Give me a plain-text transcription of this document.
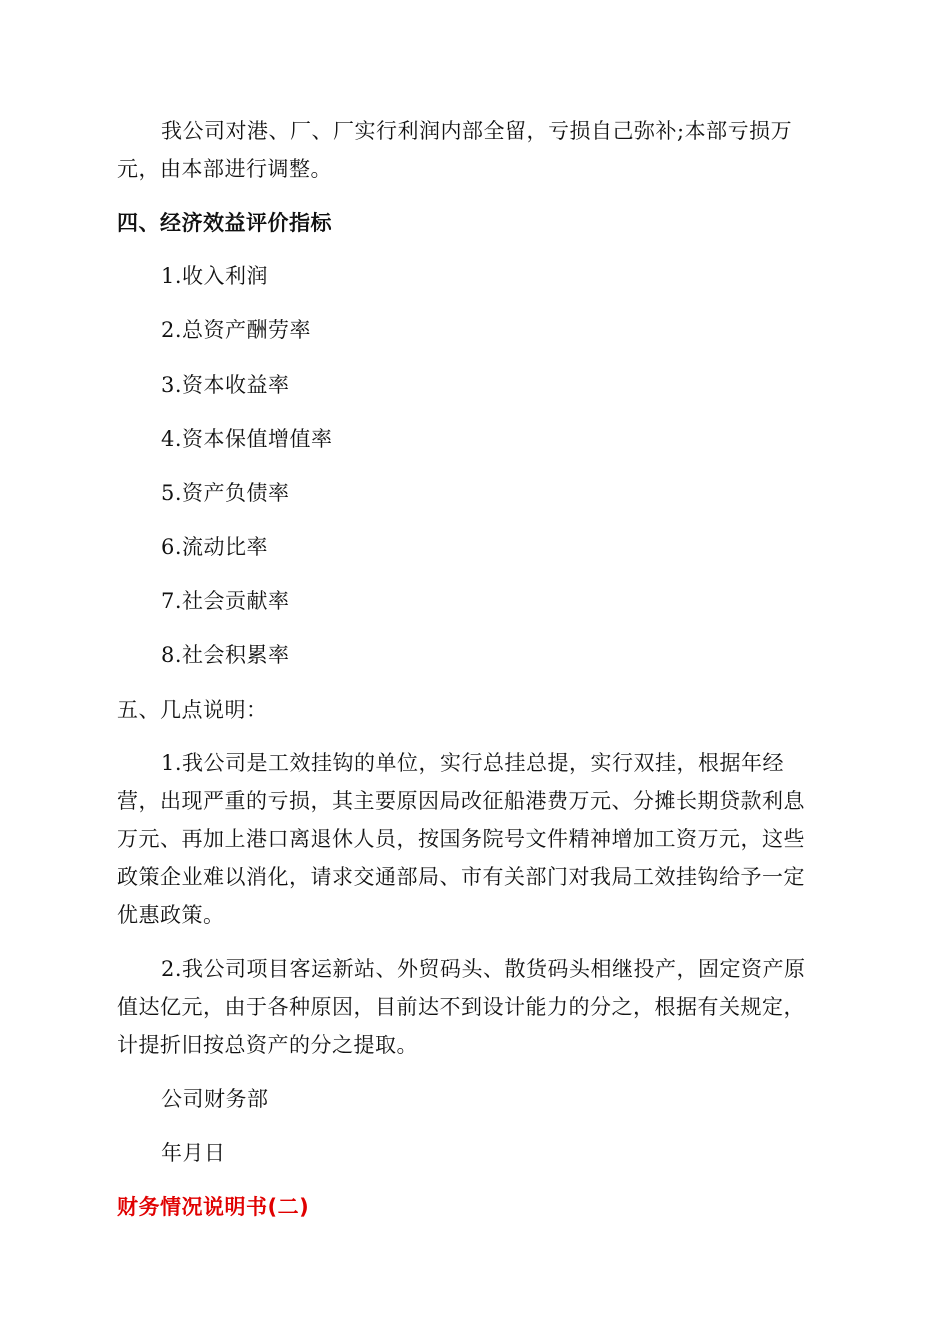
我公司对港、厂、厂实行利润内部全留，亏损自己弥补;本部亏损万
元，由本部进行调整。
四、经济效益评价指标
1.收入利润
2.总资产酬劳率
3.资本收益率
4.资本保值增值率
5.资产负债率
6.流动比率
7.社会贡献率
8.社会积累率
五、几点说明：
1.我公司是工效挂钩的单位，实行总挂总提，实行双挂，根据年经
营，出现严重的亏损，其主要原因局改征船港费万元、分摊长期贷款利息
万元、再加上港口离退休人员，按国务院号文件精神增加工资万元，这些
政策企业难以消化，请求交通部局、市有关部门对我局工效挂钩给予一定
优惠政策。
2.我公司项目客运新站、外贸码头、散货码头相继投产，固定资产原
值达亿元，由于各种原因，目前达不到设计能力的分之，根据有关规定，
计提折旧按总资产的分之提取。
公司财务部
年月日
财务情况说明书(二)
